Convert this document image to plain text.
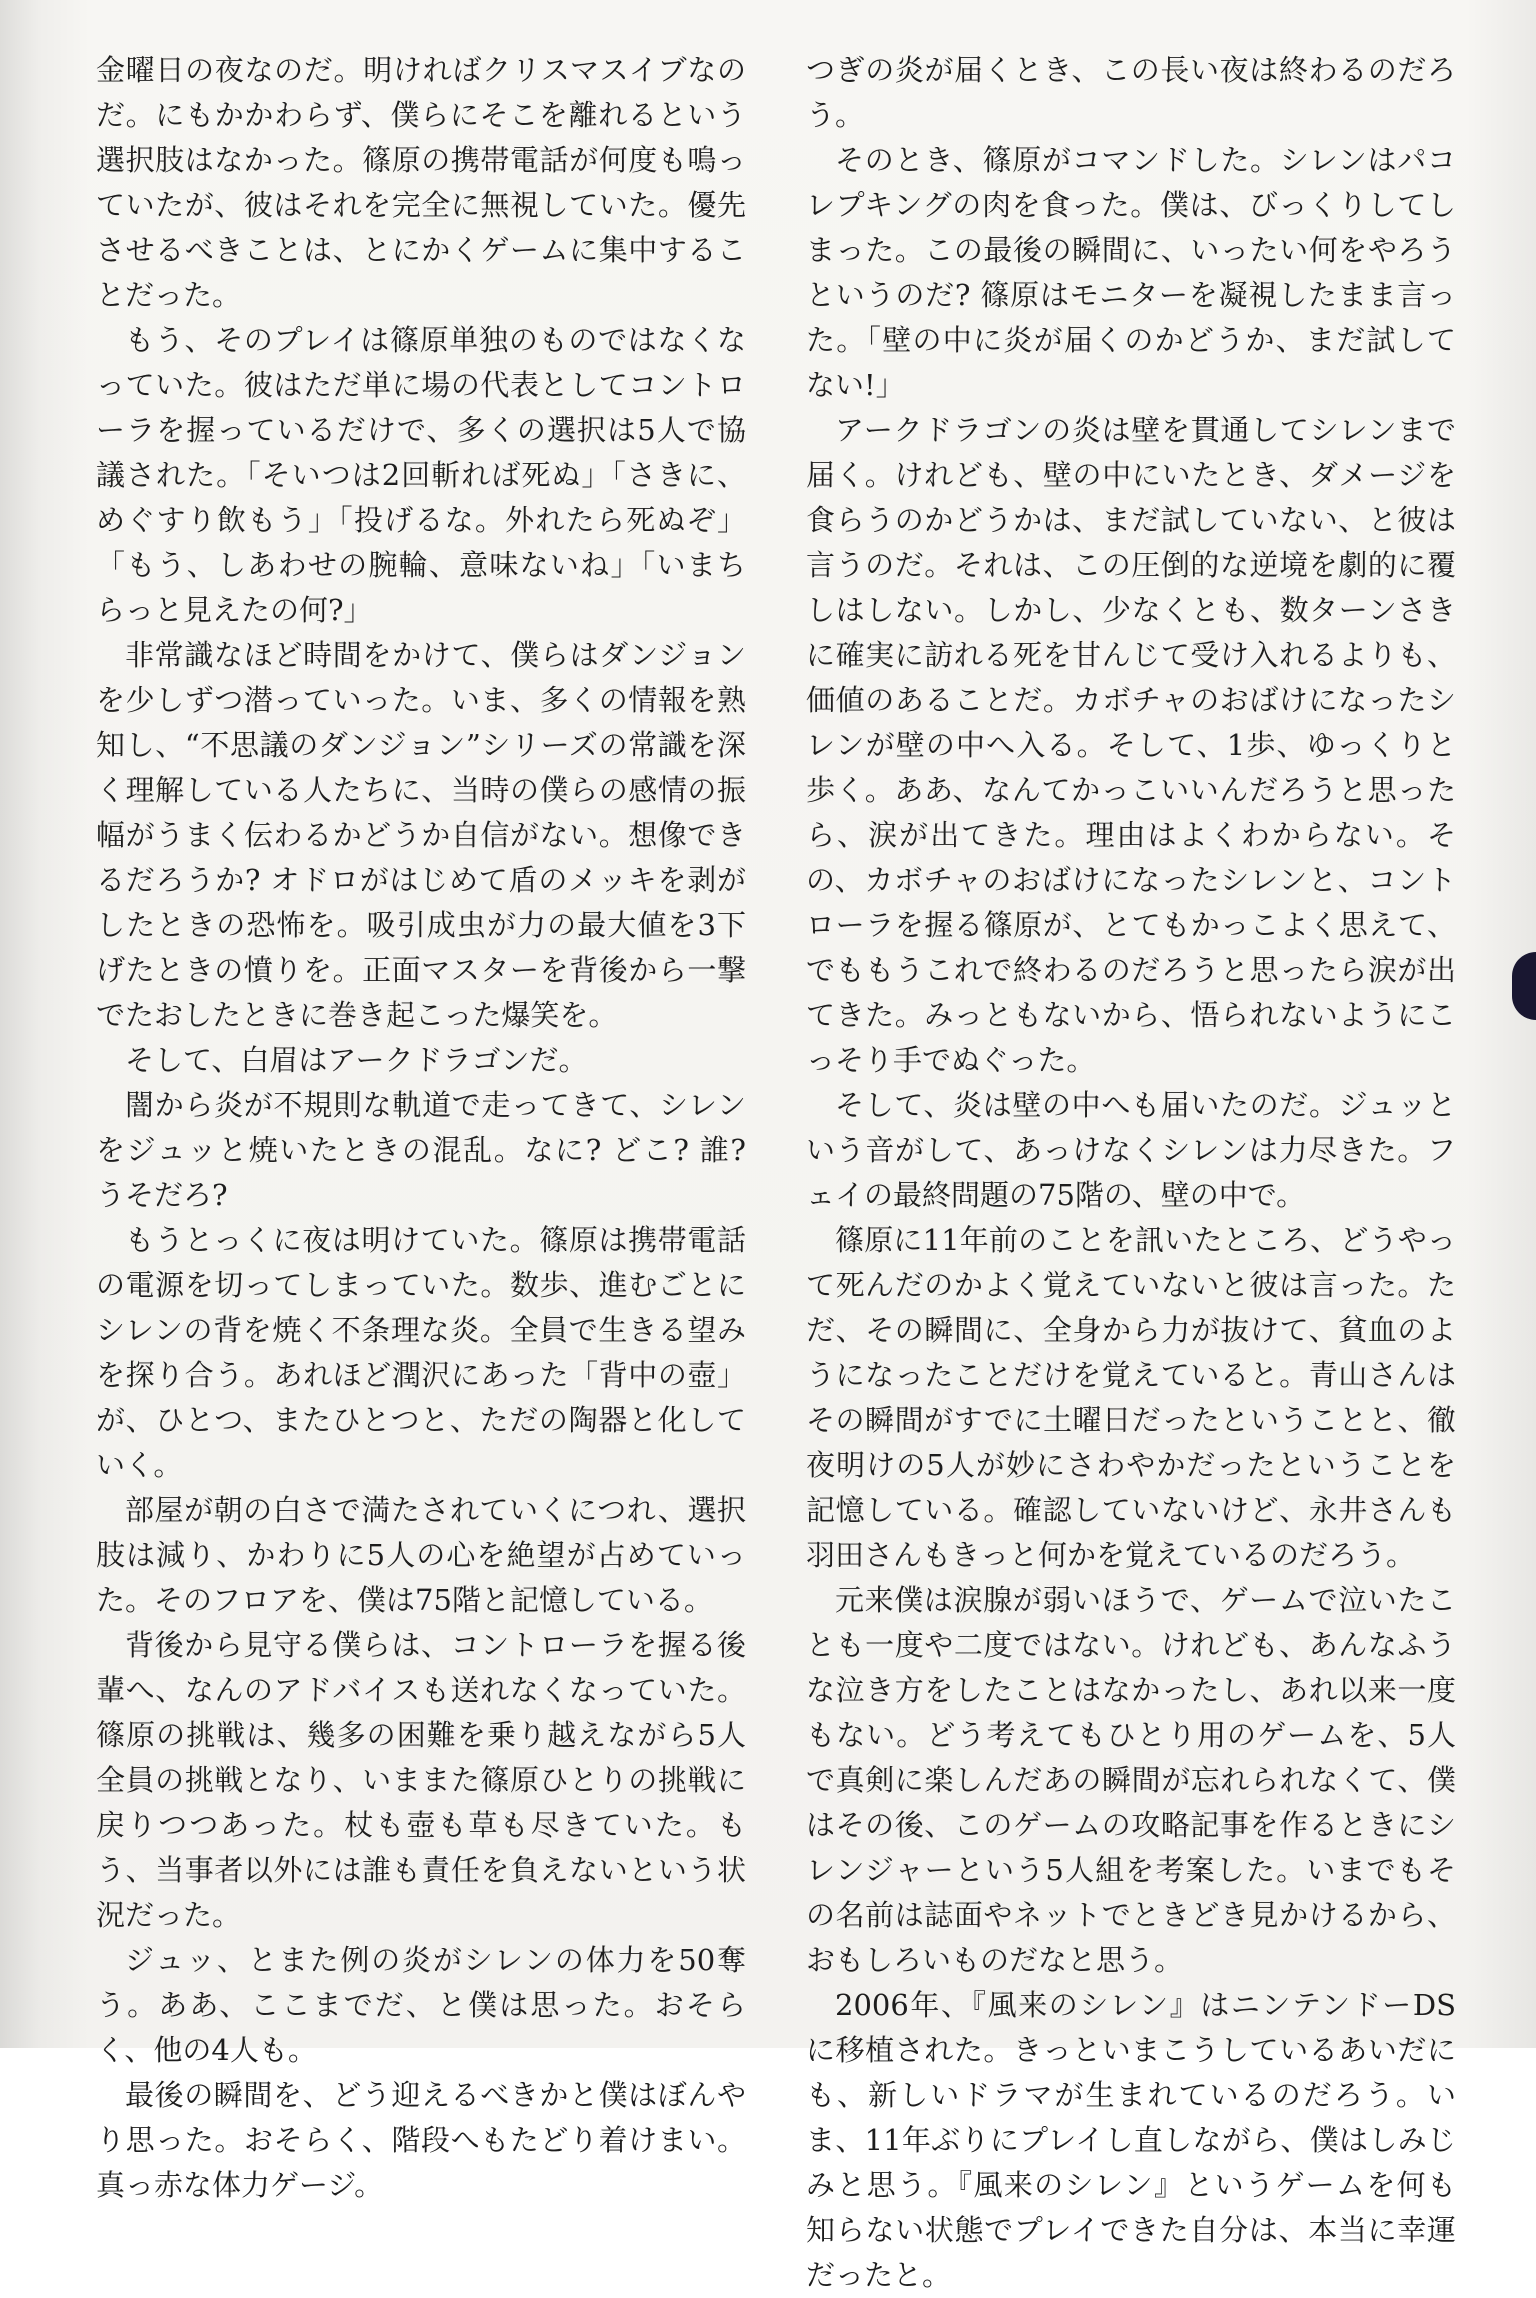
金曜日の夜なのだ。明ければクリスマスイブなのだ。にもかかわらず、僕らにそこを離れるという選択肢はなかった。篠原の携帯電話が何度も鳴っていたが、彼はそれを完全に無視していた。優先させるべきことは、とにかくゲームに集中することだった。

もう、そのプレイは篠原単独のものではなくなっていた。彼はただ単に場の代表としてコントローラを握っているだけで、多くの選択は5人で協議された。「そいつは2回斬れば死ぬ」「さきに、めぐすり飲もう」「投げるな。外れたら死ぬぞ」「もう、しあわせの腕輪、意味ないね」「いまちらっと見えたの何?」

非常識なほど時間をかけて、僕らはダンジョンを少しずつ潜っていった。いま、多くの情報を熟知し、“不思議のダンジョン”シリーズの常識を深く理解している人たちに、当時の僕らの感情の振幅がうまく伝わるかどうか自信がない。想像できるだろうか? オドロがはじめて盾のメッキを剥がしたときの恐怖を。吸引成虫が力の最大値を3下げたときの憤りを。正面マスターを背後から一撃でたおしたときに巻き起こった爆笑を。

そして、白眉はアークドラゴンだ。

闇から炎が不規則な軌道で走ってきて、シレンをジュッと焼いたときの混乱。なに? どこ? 誰? うそだろ?

もうとっくに夜は明けていた。篠原は携帯電話の電源を切ってしまっていた。数歩、進むごとにシレンの背を焼く不条理な炎。全員で生きる望みを探り合う。あれほど潤沢にあった「背中の壺」が、ひとつ、またひとつと、ただの陶器と化していく。

部屋が朝の白さで満たされていくにつれ、選択肢は減り、かわりに5人の心を絶望が占めていった。そのフロアを、僕は75階と記憶している。

背後から見守る僕らは、コントローラを握る後輩へ、なんのアドバイスも送れなくなっていた。篠原の挑戦は、幾多の困難を乗り越えながら5人全員の挑戦となり、いままた篠原ひとりの挑戦に戻りつつあった。杖も壺も草も尽きていた。もう、当事者以外には誰も責任を負えないという状況だった。

ジュッ、とまた例の炎がシレンの体力を50奪う。ああ、ここまでだ、と僕は思った。おそらく、他の4人も。

最後の瞬間を、どう迎えるべきかと僕はぼんやり思った。おそらく、階段へもたどり着けまい。真っ赤な体力ゲージ。

つぎの炎が届くとき、この長い夜は終わるのだろう。

そのとき、篠原がコマンドした。シレンはパコレプキングの肉を食った。僕は、びっくりしてしまった。この最後の瞬間に、いったい何をやろうというのだ? 篠原はモニターを凝視したまま言った。「壁の中に炎が届くのかどうか、まだ試してない!」

アークドラゴンの炎は壁を貫通してシレンまで届く。けれども、壁の中にいたとき、ダメージを食らうのかどうかは、まだ試していない、と彼は言うのだ。それは、この圧倒的な逆境を劇的に覆しはしない。しかし、少なくとも、数ターンさきに確実に訪れる死を甘んじて受け入れるよりも、価値のあることだ。カボチャのおばけになったシレンが壁の中へ入る。そして、1歩、ゆっくりと歩く。ああ、なんてかっこいいんだろうと思ったら、涙が出てきた。理由はよくわからない。その、カボチャのおばけになったシレンと、コントローラを握る篠原が、とてもかっこよく思えて、でももうこれで終わるのだろうと思ったら涙が出てきた。みっともないから、悟られないようにこっそり手でぬぐった。

そして、炎は壁の中へも届いたのだ。ジュッという音がして、あっけなくシレンは力尽きた。フェイの最終問題の75階の、壁の中で。

篠原に11年前のことを訊いたところ、どうやって死んだのかよく覚えていないと彼は言った。ただ、その瞬間に、全身から力が抜けて、貧血のようになったことだけを覚えていると。青山さんはその瞬間がすでに土曜日だったということと、徹夜明けの5人が妙にさわやかだったということを記憶している。確認していないけど、永井さんも羽田さんもきっと何かを覚えているのだろう。

元来僕は涙腺が弱いほうで、ゲームで泣いたことも一度や二度ではない。けれども、あんなふうな泣き方をしたことはなかったし、あれ以来一度もない。どう考えてもひとり用のゲームを、5人で真剣に楽しんだあの瞬間が忘れられなくて、僕はその後、このゲームの攻略記事を作るときにシレンジャーという5人組を考案した。いまでもその名前は誌面やネットでときどき見かけるから、おもしろいものだなと思う。

2006年、『風来のシレン』はニンテンドーDSに移植された。きっといまこうしているあいだにも、新しいドラマが生まれているのだろう。いま、11年ぶりにプレイし直しながら、僕はしみじみと思う。『風来のシレン』というゲームを何も知らない状態でプレイできた自分は、本当に幸運だったと。
